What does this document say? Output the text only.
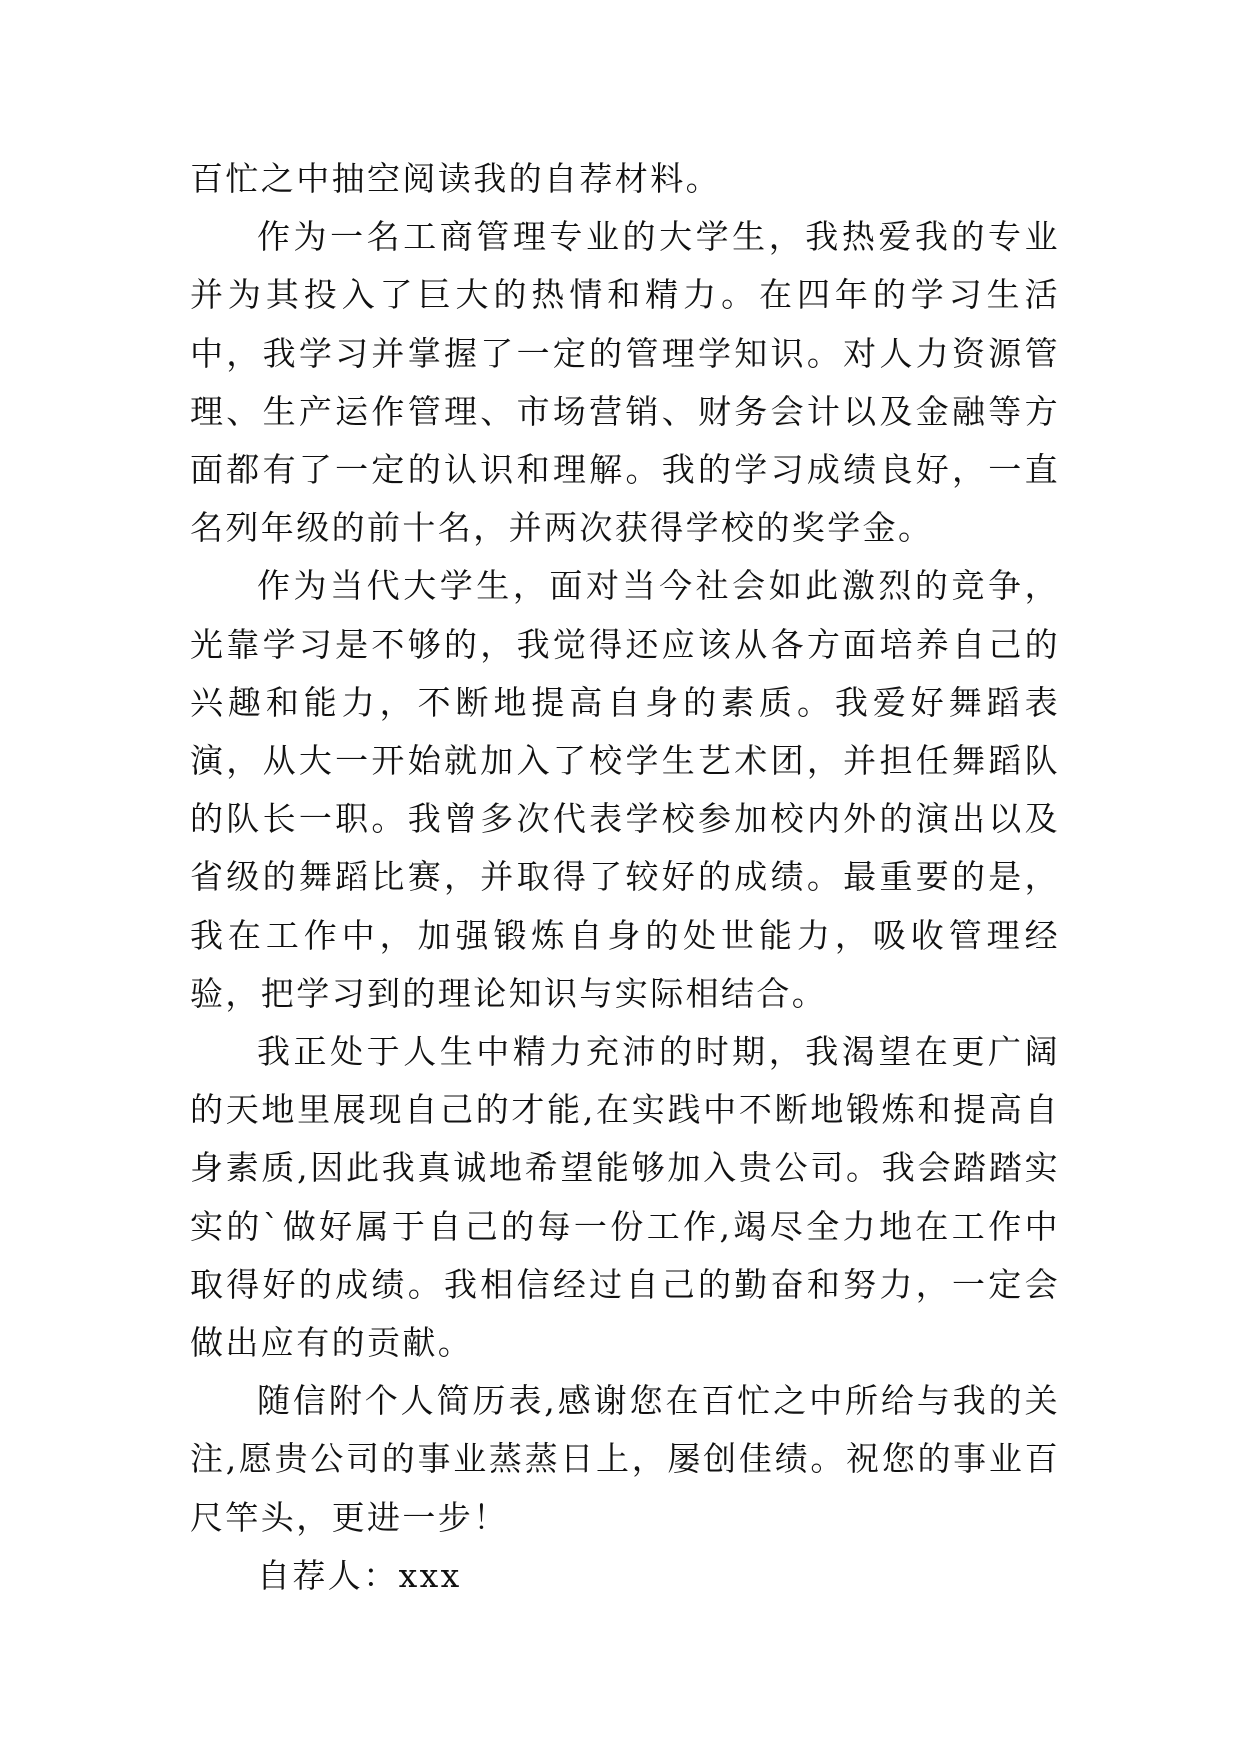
百忙之中抽空阅读我的自荐材料。

作为一名工商管理专业的大学生，我热爱我的专业并为其投入了巨大的热情和精力。在四年的学习生活中，我学习并掌握了一定的管理学知识。对人力资源管理、生产运作管理、市场营销、财务会计以及金融等方面都有了一定的认识和理解。我的学习成绩良好，一直名列年级的前十名，并两次获得学校的奖学金。

作为当代大学生，面对当今社会如此激烈的竞争，光靠学习是不够的，我觉得还应该从各方面培养自己的兴趣和能力，不断地提高自身的素质。我爱好舞蹈表演，从大一开始就加入了校学生艺术团，并担任舞蹈队的队长一职。我曾多次代表学校参加校内外的演出以及省级的舞蹈比赛，并取得了较好的成绩。最重要的是，我在工作中，加强锻炼自身的处世能力，吸收管理经验，把学习到的理论知识与实际相结合。

我正处于人生中精力充沛的时期，我渴望在更广阔的天地里展现自己的才能,在实践中不断地锻炼和提高自身素质,因此我真诚地希望能够加入贵公司。我会踏踏实实的`做好属于自己的每一份工作,竭尽全力地在工作中取得好的成绩。我相信经过自己的勤奋和努力，一定会做出应有的贡献。

随信附个人简历表,感谢您在百忙之中所给与我的关注,愿贵公司的事业蒸蒸日上，屡创佳绩。祝您的事业百尺竿头，更进一步！

自荐人：xxx
